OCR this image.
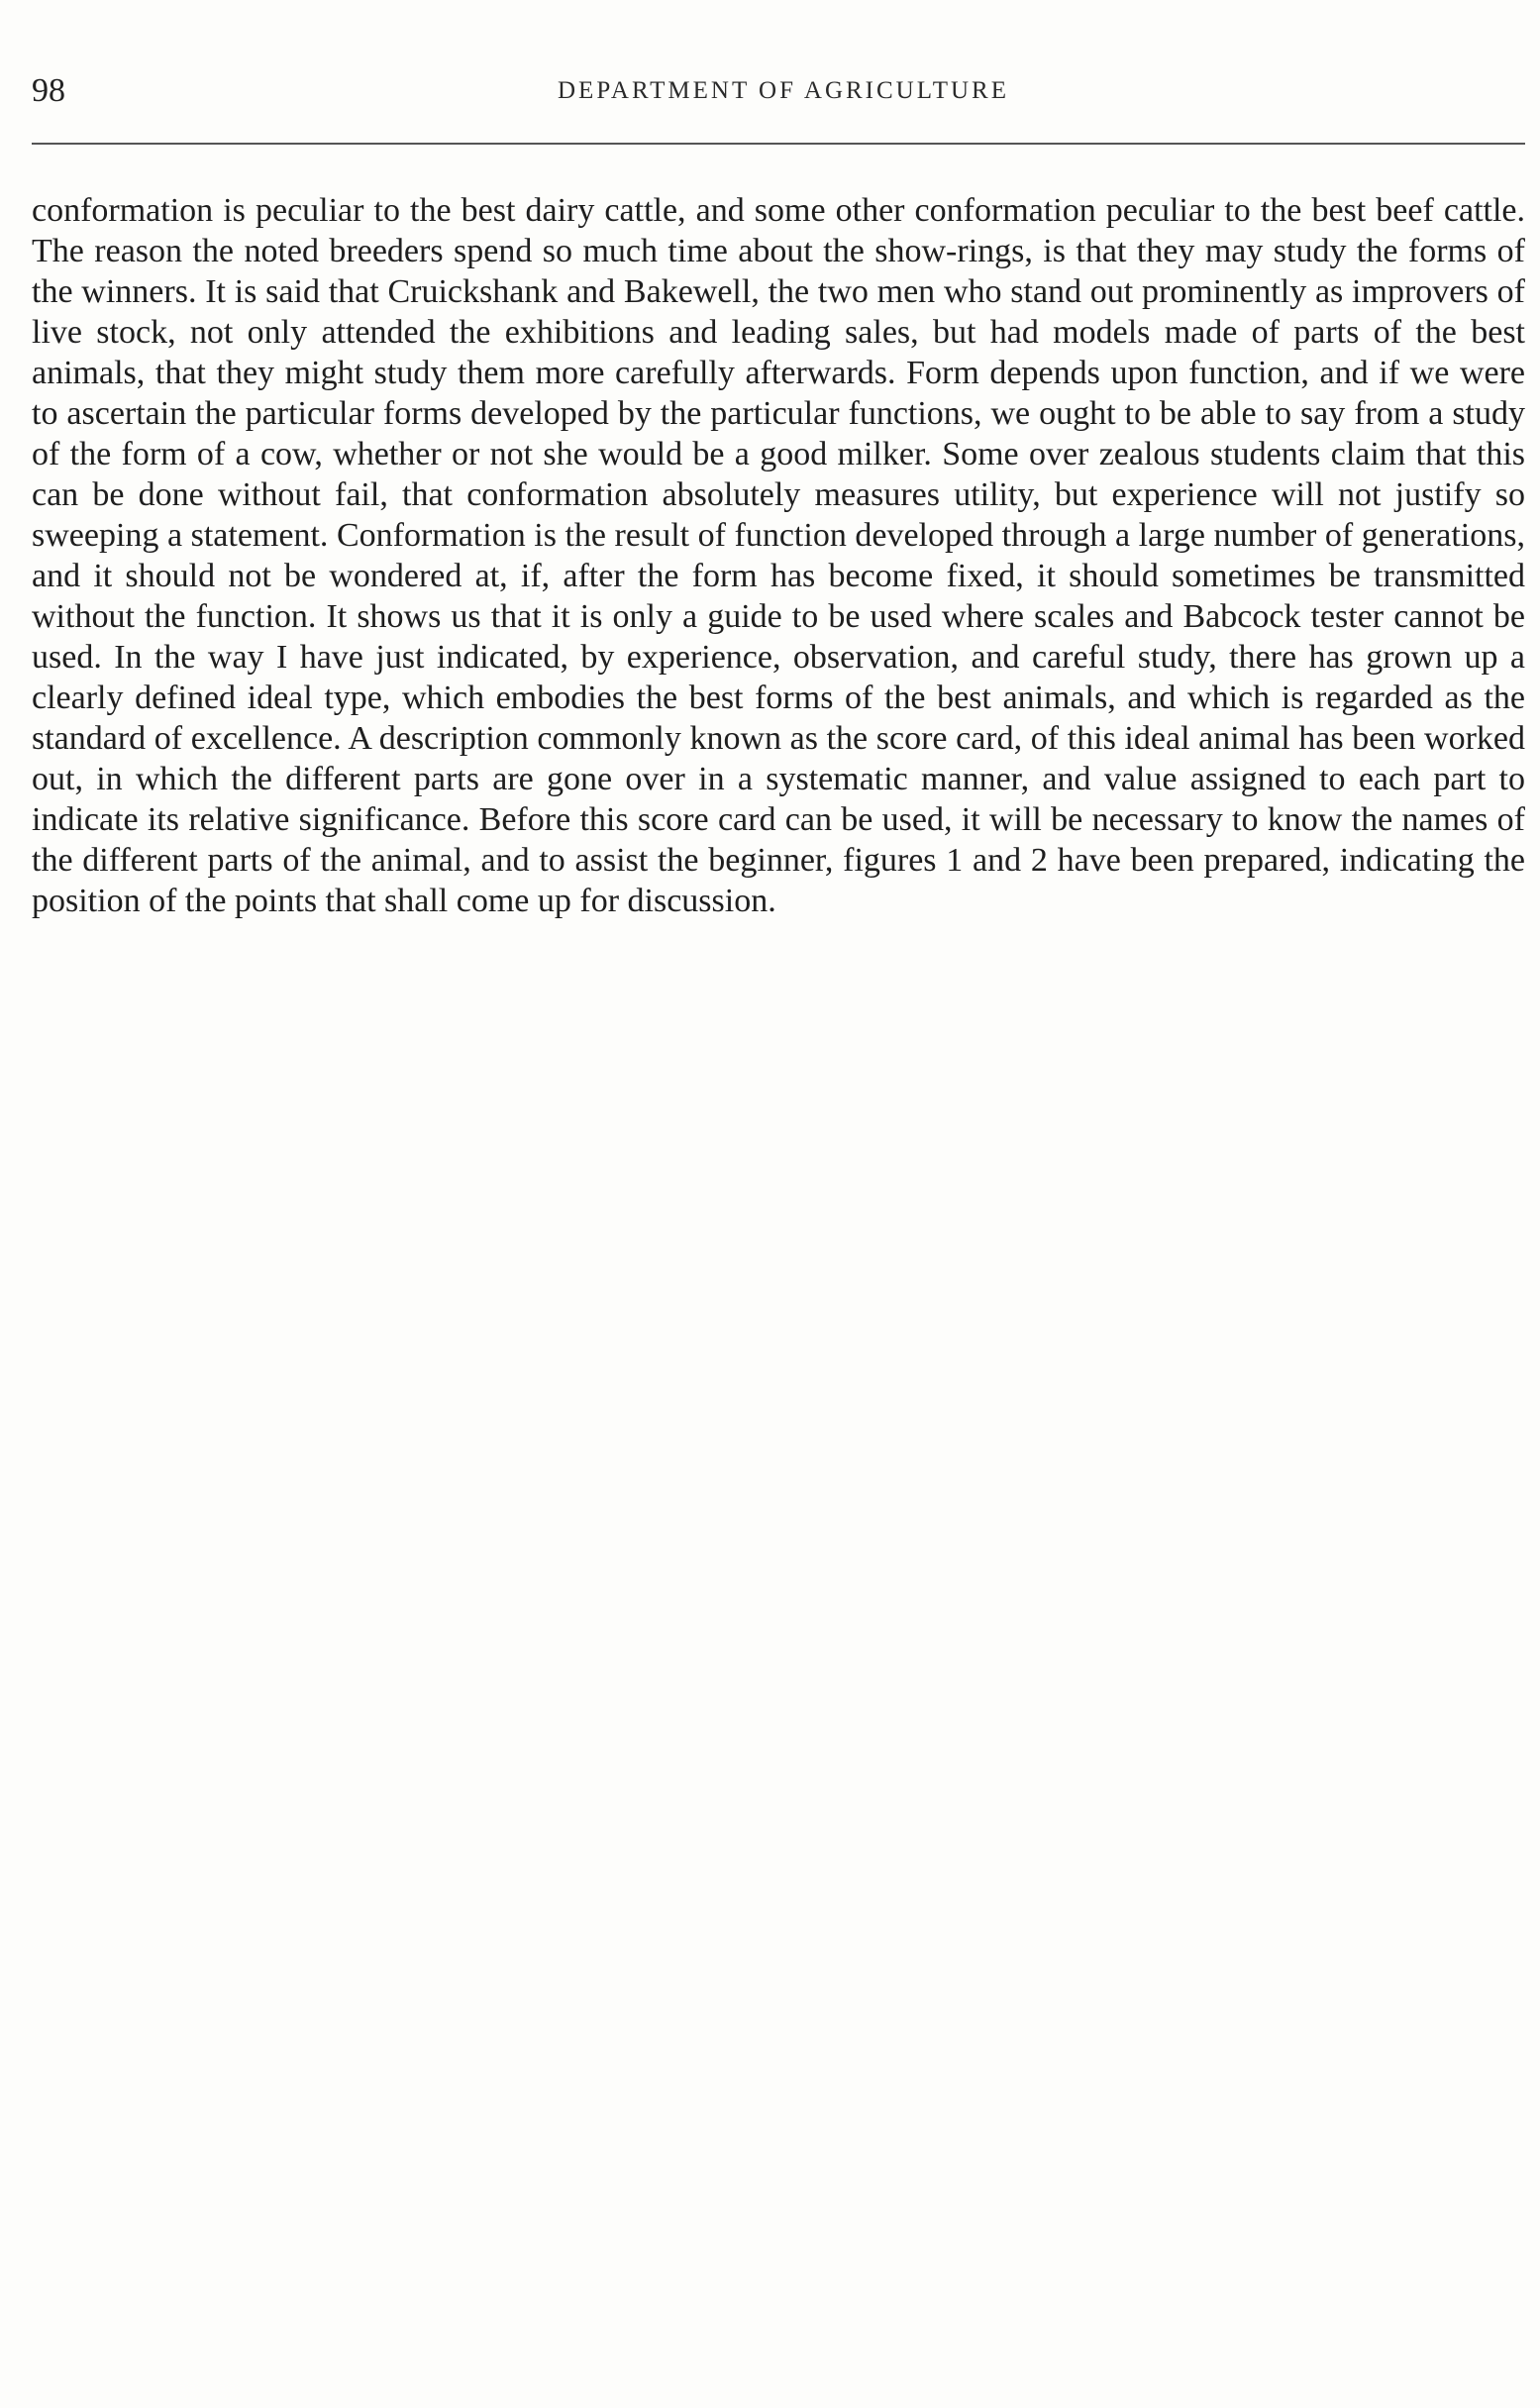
98	DEPARTMENT OF AGRICULTURE

conformation is peculiar to the best dairy cattle, and some other conformation peculiar to the best beef cattle. The reason the noted breeders spend so much time about the show-rings, is that they may study the forms of the winners. It is said that Cruickshank and Bakewell, the two men who stand out prominently as improvers of live stock, not only attended the exhibitions and leading sales, but had models made of parts of the best animals, that they might study them more carefully afterwards. Form depends upon function, and if we were to ascertain the particular forms developed by the particular functions, we ought to be able to say from a study of the form of a cow, whether or not she would be a good milker. Some over zealous students claim that this can be done without fail, that conformation absolutely measures utility, but experience will not justify so sweeping a statement. Conformation is the result of function developed through a large number of generations, and it should not be wondered at, if, after the form has become fixed, it should sometimes be transmitted without the function. It shows us that it is only a guide to be used where scales and Babcock tester cannot be used. In the way I have just indicated, by experience, observation, and careful study, there has grown up a clearly defined ideal type, which embodies the best forms of the best animals, and which is regarded as the standard of excellence. A description commonly known as the score card, of this ideal animal has been worked out, in which the different parts are gone over in a systematic manner, and value assigned to each part to indicate its relative significance. Before this score card can be used, it will be necessary to know the names of the different parts of the animal, and to assist the beginner, figures 1 and 2 have been prepared, indicating the position of the points that shall come up for discussion.
